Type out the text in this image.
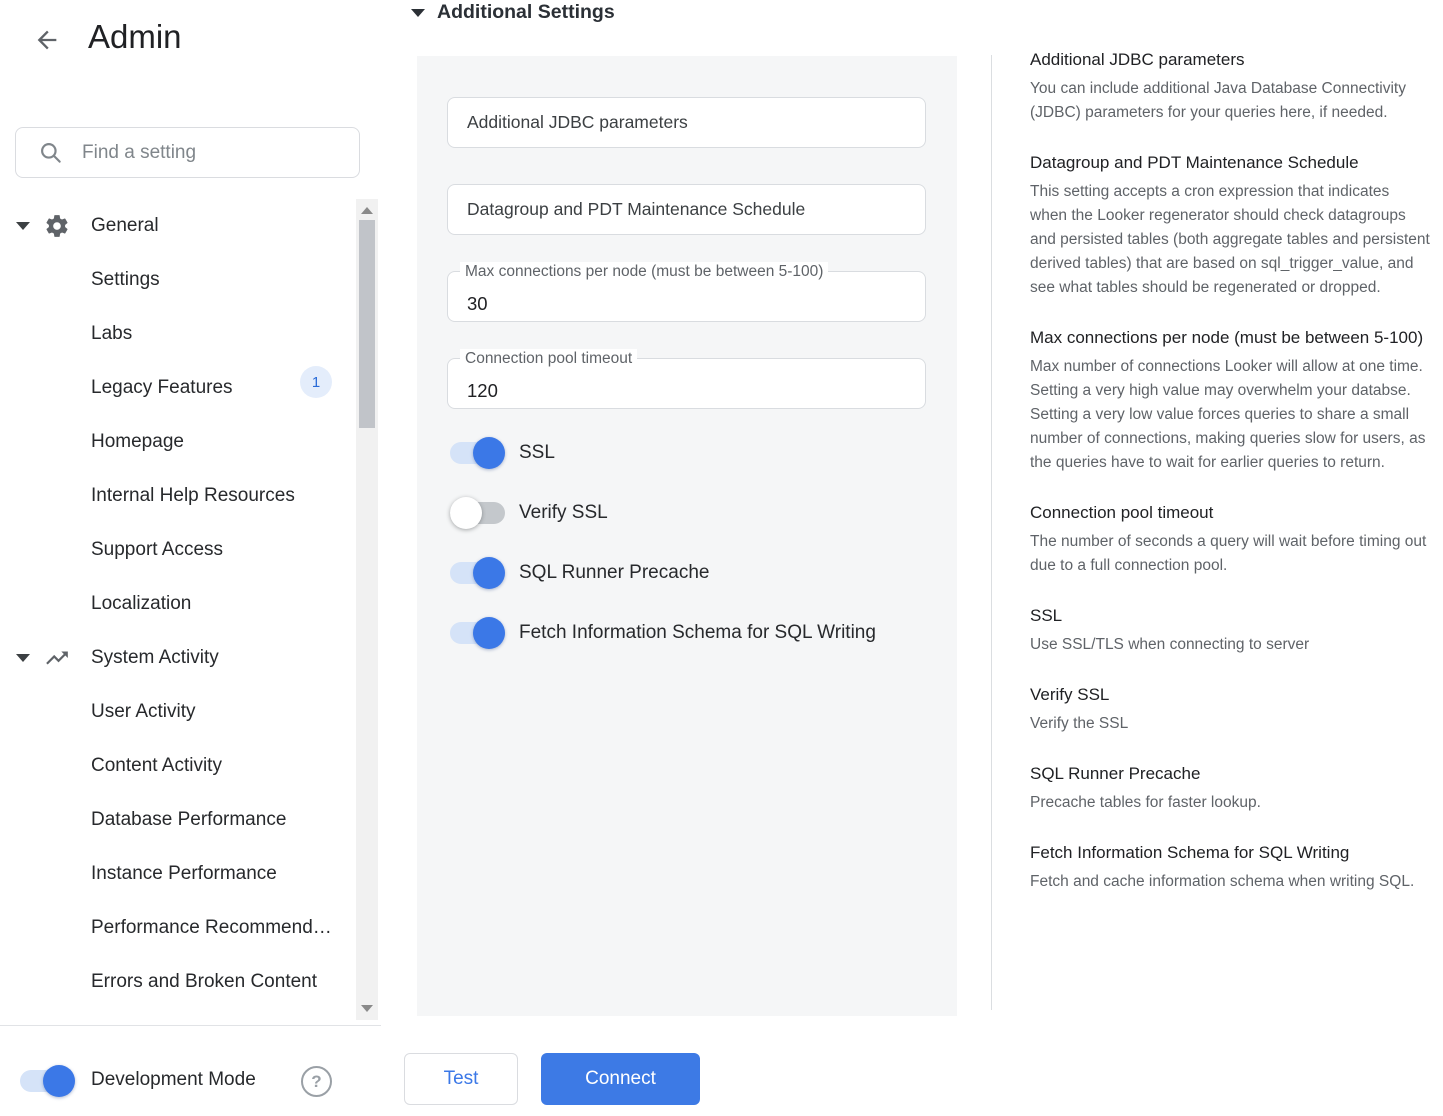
Admin
Find a setting
General
Settings
Labs
Legacy Features	1
Homepage
Internal Help Resources
Support Access
Localization
System Activity
User Activity
Content Activity
Database Performance
Instance Performance
Performance Recommend…
Errors and Broken Content
Development Mode	?
Additional Settings
Additional JDBC parameters
Datagroup and PDT Maintenance Schedule
Max connections per node (must be between 5-100)
30
Connection pool timeout
120
SSL
Verify SSL
SQL Runner Precache
Fetch Information Schema for SQL Writing
Additional JDBC parameters
You can include additional Java Database Connectivity (JDBC) parameters for your queries here, if needed.
Datagroup and PDT Maintenance Schedule
This setting accepts a cron expression that indicates when the Looker regenerator should check datagroups and persisted tables (both aggregate tables and persistent derived tables) that are based on sql_trigger_value, and see what tables should be regenerated or dropped.
Max connections per node (must be between 5-100)
Max number of connections Looker will allow at one time. Setting a very high value may overwhelm your databse. Setting a very low value forces queries to share a small number of connections, making queries slow for users, as the queries have to wait for earlier queries to return.
Connection pool timeout
The number of seconds a query will wait before timing out due to a full connection pool.
SSL
Use SSL/TLS when connecting to server
Verify SSL
Verify the SSL
SQL Runner Precache
Precache tables for faster lookup.
Fetch Information Schema for SQL Writing
Fetch and cache information schema when writing SQL.
Test	Connect
